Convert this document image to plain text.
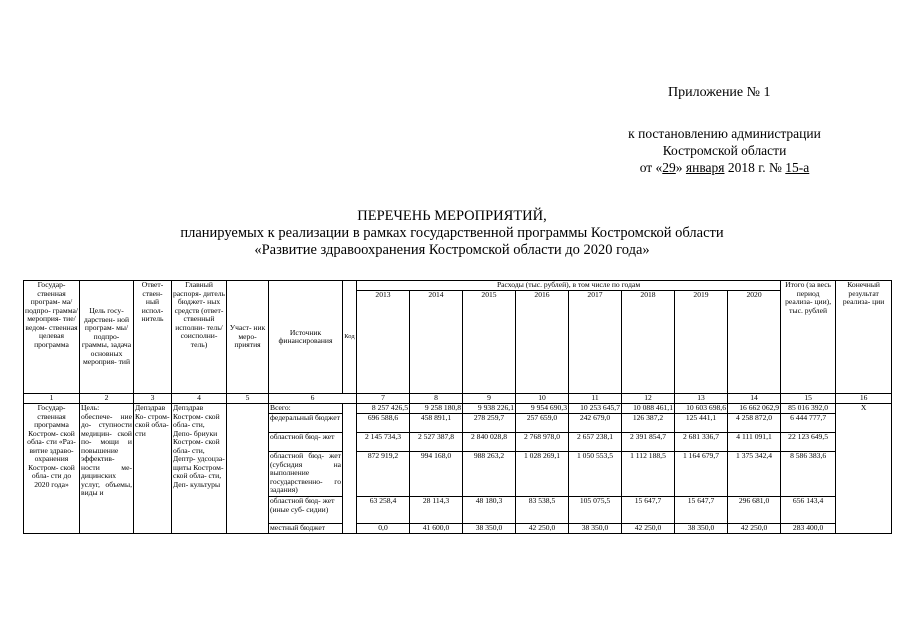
Приложение № 1
к постановлению администрации
Костромской области
от «29» января 2018 г. № 15-а
ПЕРЕЧЕНЬ МЕРОПРИЯТИЙ,
планируемых к реализации в рамках государственной программы Костромской области
«Развитие здравоохранения Костромской области до 2020 года»
Государ- ственная програм- ма/ подпро- грамма/ мероприя- тие/ ведом- ственная целевая программа	Цель госу- дарствен- ной програм- мы/ подпро- граммы, задача основных мероприя- тий	Ответ- ствен- ный испол- нитель	Главный распоря- дитель бюджет- ных средств (ответ- ственный исполни- тель/ соисполни- тель)	Участ- ник меро- приятия	Источник финансирования	Код	Расходы (тыс. рублей), в том числе по годам								Итого (за весь период реализа- ции), тыс. рублей	Конечный результат реализа- ции
							2013	2014	2015	2016	2017	2018	2019	2020		
1	2	3	4	5	6		7	8	9	10	11	12	13	14	15	16
Государ- ственная программа Костром- ской обла- сти «Раз- витие здраво- охранения Костром- ской обла- сти до 2020 года»	Цель: обеспече- ние до- ступности медицин- ской по- мощи и повышение эффектив- ности ме- дицинских услуг, объемы, виды и	Депздрав Ко- стром- ской обла- сти	Депздрав Костром- ской обла- сти, Депо- бриуки Костром- ской обла- сти, Дептр- удсоцза- щиты Костром- ской обла- сти, Деп- культуры		Всего:		8 257 426,5	9 258 180,8	9 938 226,1	9 954 690,3	10 253 645,7	10 088 461,1	10 603 698,6	16 662 062,9	85 016 392,0	Х
					федеральный бюджет		696 588,6	458 891,1	278 259,7	257 659,0	242 679,0	126 387,2	125 441,1	4 258 872,0	6 444 777,7	
					областной бюд- жет		2 145 734,3	2 527 387,8	2 840 028,8	2 768 978,0	2 657 238,1	2 391 854,7	2 681 336,7	4 111 091,1	22 123 649,5	
					областной бюд- жет (субсидия на выполнение государственно- го задания)		872 919,2	994 168,0	988 263,2	1 028 269,1	1 050 553,5	1 112 188,5	1 164 679,7	1 375 342,4	8 586 383,6	
					областной бюд- жет (иные суб- сидии)		63 258,4	28 114,3	48 180,3	83 538,5	105 075,5	15 647,7	15 647,7	296 681,0	656 143,4	
					местный бюджет		0,0	41 600,0	38 350,0	42 250,0	38 350,0	42 250,0	38 350,0	42 250,0	283 400,0	
